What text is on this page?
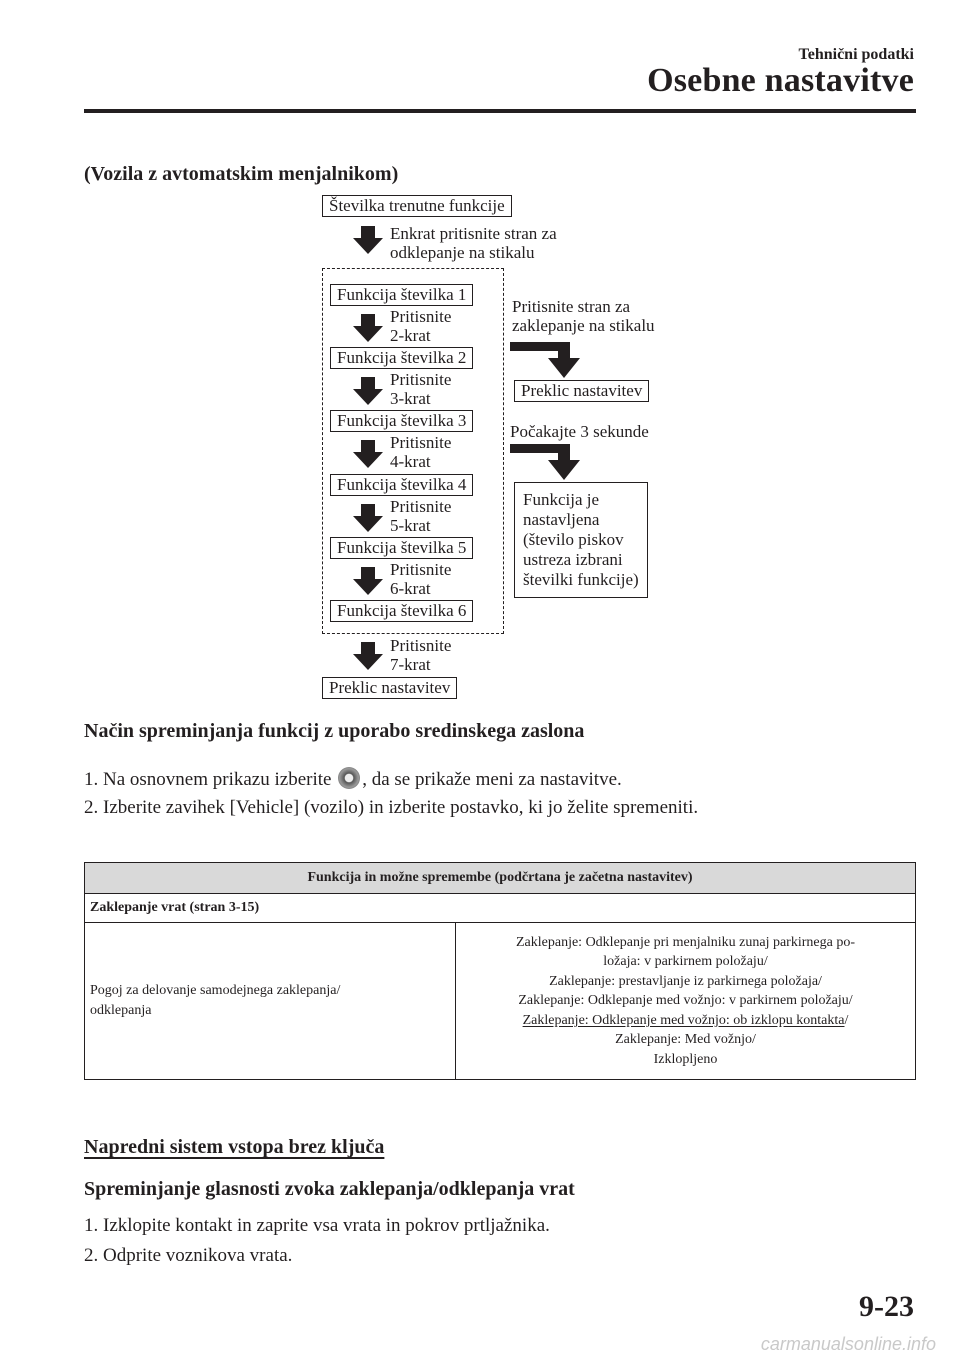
Tehnični podatki
Osebne nastavitve
(Vozila z avtomatskim menjalnikom)
Številka trenutne funkcije
Enkrat pritisnite stran za
odklepanje na stikalu
Funkcija številka 1
Pritisnite
2-krat
Funkcija številka 2
Pritisnite
3-krat
Funkcija številka 3
Pritisnite
4-krat
Funkcija številka 4
Pritisnite
5-krat
Funkcija številka 5
Pritisnite
6-krat
Funkcija številka 6
Pritisnite
7-krat
Preklic nastavitev
Pritisnite stran za
zaklepanje na stikalu
Preklic nastavitev
Počakajte 3 sekunde
Funkcija je
nastavljena
(število piskov
ustreza izbrani
številki funkcije)
Način spreminjanja funkcij z uporabo sredinskega zaslona
1. Na osnovnem prikazu izberite , da se prikaže meni za nastavitve.
2. Izberite zavihek [Vehicle] (vozilo) in izberite postavko, ki jo želite spremeniti.
Funkcija in možne spremembe (podčrtana je začetna nastavitev)
Zaklepanje vrat (stran 3-15)

Pogoj za delovanje samodejnega zaklepanja/
odklepanja

Zaklepanje: Odklepanje pri menjalniku zunaj parkirnega po-
ložaja: v parkirnem položaju/
Zaklepanje: prestavljanje iz parkirnega položaja/
Zaklepanje: Odklepanje med vožnjo: v parkirnem položaju/
Zaklepanje: Odklepanje med vožnjo: ob izklopu kontakta/
Zaklepanje: Med vožnjo/
Izklopljeno
Napredni sistem vstopa brez ključa
Spreminjanje glasnosti zvoka zaklepanja/odklepanja vrat
1. Izklopite kontakt in zaprite vsa vrata in pokrov prtljažnika.
2. Odprite voznikova vrata.
9-23
carmanualsonline.info
